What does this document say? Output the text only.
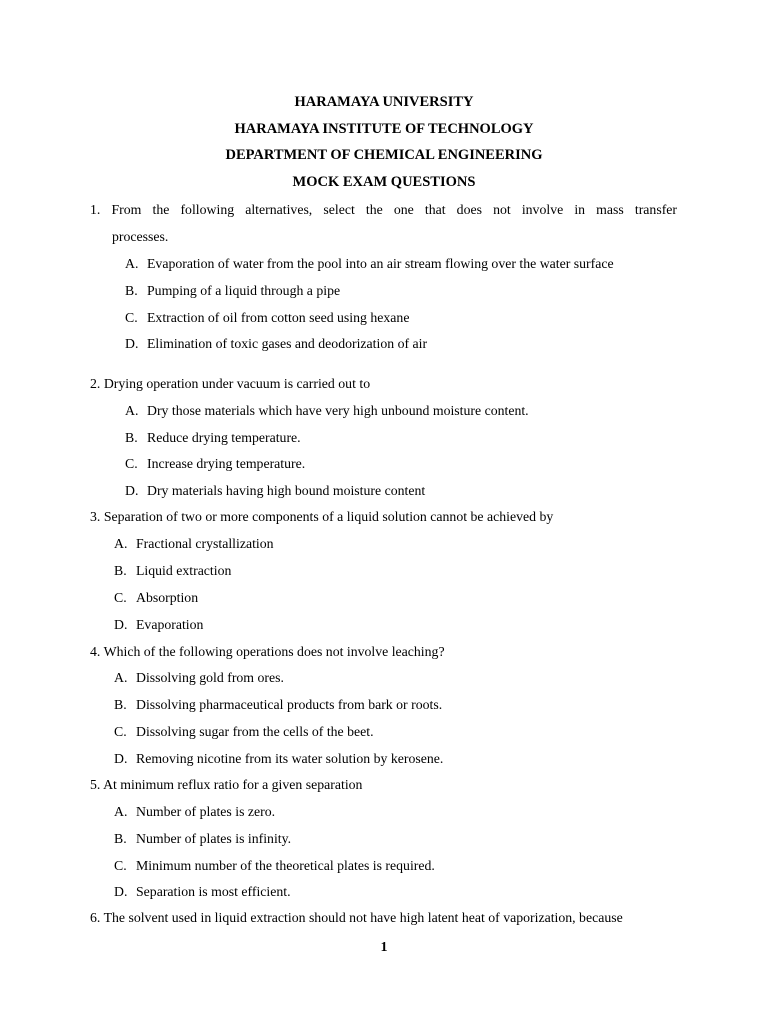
HARAMAYA UNIVERSITY
HARAMAYA INSTITUTE OF TECHNOLOGY
DEPARTMENT OF CHEMICAL ENGINEERING
MOCK EXAM QUESTIONS
1. From the following alternatives, select the one that does not involve in mass transfer
processes.
A. Evaporation of water from the pool into an air stream flowing over the water surface
B. Pumping of a liquid through a pipe
C. Extraction of oil from cotton seed using hexane
D. Elimination of toxic gases and deodorization of air
2. Drying operation under vacuum is carried out to
A. Dry those materials which have very high unbound moisture content.
B. Reduce drying temperature.
C. Increase drying temperature.
D. Dry materials having high bound moisture content
3. Separation of two or more components of a liquid solution cannot be achieved by
A. Fractional crystallization
B. Liquid extraction
C. Absorption
D. Evaporation
4. Which of the following operations does not involve leaching?
A. Dissolving gold from ores.
B. Dissolving pharmaceutical products from bark or roots.
C. Dissolving sugar from the cells of the beet.
D. Removing nicotine from its water solution by kerosene.
5. At minimum reflux ratio for a given separation
A. Number of plates is zero.
B. Number of plates is infinity.
C. Minimum number of the theoretical plates is required.
D. Separation is most efficient.
6. The solvent used in liquid extraction should not have high latent heat of vaporization, because
1
